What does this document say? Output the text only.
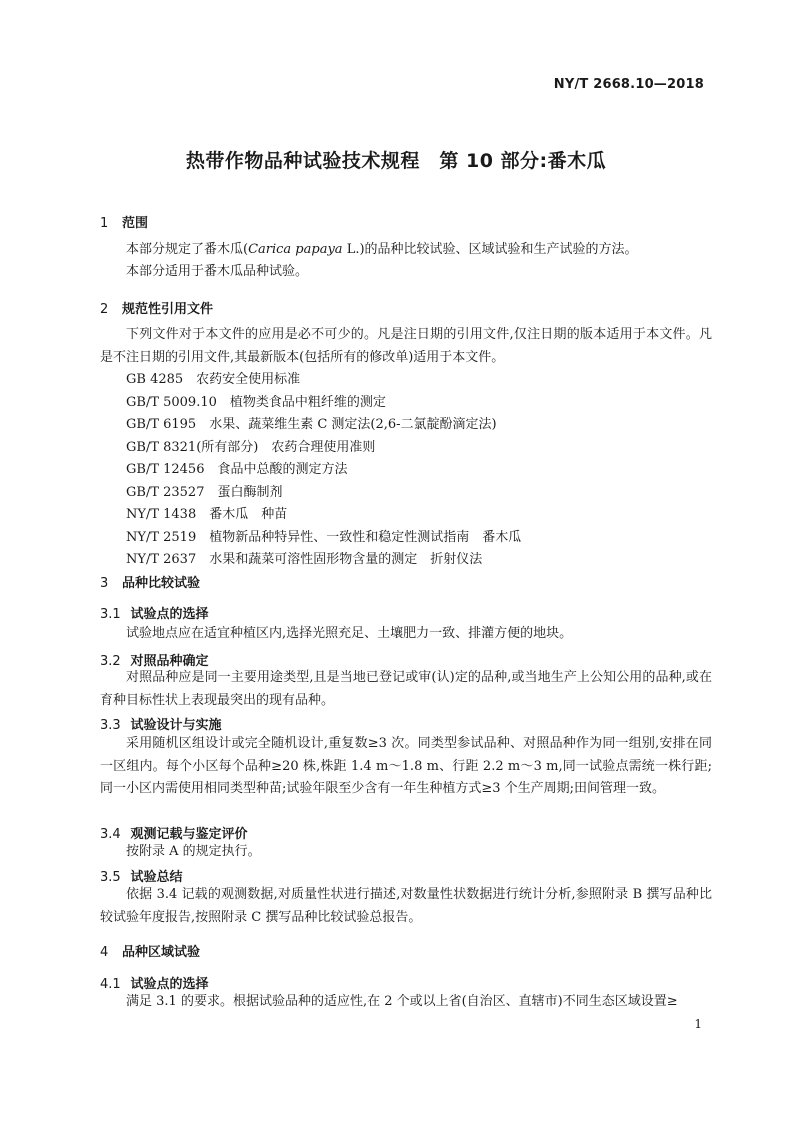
NY/T 2668.10—2018
热带作物品种试验技术规程　第 10 部分:番木瓜
1 范围
本部分规定了番木瓜(Carica papaya L.)的品种比较试验、区域试验和生产试验的方法。
本部分适用于番木瓜品种试验。
2 规范性引用文件
下列文件对于本文件的应用是必不可少的。凡是注日期的引用文件,仅注日期的版本适用于本文件。凡是不注日期的引用文件,其最新版本(包括所有的修改单)适用于本文件。
GB 4285　农药安全使用标准
GB/T 5009.10　植物类食品中粗纤维的测定
GB/T 6195　水果、蔬菜维生素 C 测定法(2,6-二氯靛酚滴定法)
GB/T 8321(所有部分)　农药合理使用准则
GB/T 12456　食品中总酸的测定方法
GB/T 23527　蛋白酶制剂
NY/T 1438　番木瓜　种苗
NY/T 2519　植物新品种特异性、一致性和稳定性测试指南　番木瓜
NY/T 2637　水果和蔬菜可溶性固形物含量的测定　折射仪法
3 品种比较试验
3.1 试验点的选择
试验地点应在适宜种植区内,选择光照充足、土壤肥力一致、排灌方便的地块。
3.2 对照品种确定
对照品种应是同一主要用途类型,且是当地已登记或审(认)定的品种,或当地生产上公知公用的品种,或在育种目标性状上表现最突出的现有品种。
3.3 试验设计与实施
采用随机区组设计或完全随机设计,重复数≥3 次。同类型参试品种、对照品种作为同一组别,安排在同一区组内。每个小区每个品种≥20 株,株距 1.4 m～1.8 m、行距 2.2 m～3 m,同一试验点需统一株行距;同一小区内需使用相同类型种苗;试验年限至少含有一年生种植方式≥3 个生产周期;田间管理一致。
3.4 观测记载与鉴定评价
按附录 A 的规定执行。
3.5 试验总结
依据 3.4 记载的观测数据,对质量性状进行描述,对数量性状数据进行统计分析,参照附录 B 撰写品种比较试验年度报告,按照附录 C 撰写品种比较试验总报告。
4 品种区域试验
4.1 试验点的选择
满足 3.1 的要求。根据试验品种的适应性,在 2 个或以上省(自治区、直辖市)不同生态区域设置≥
1
